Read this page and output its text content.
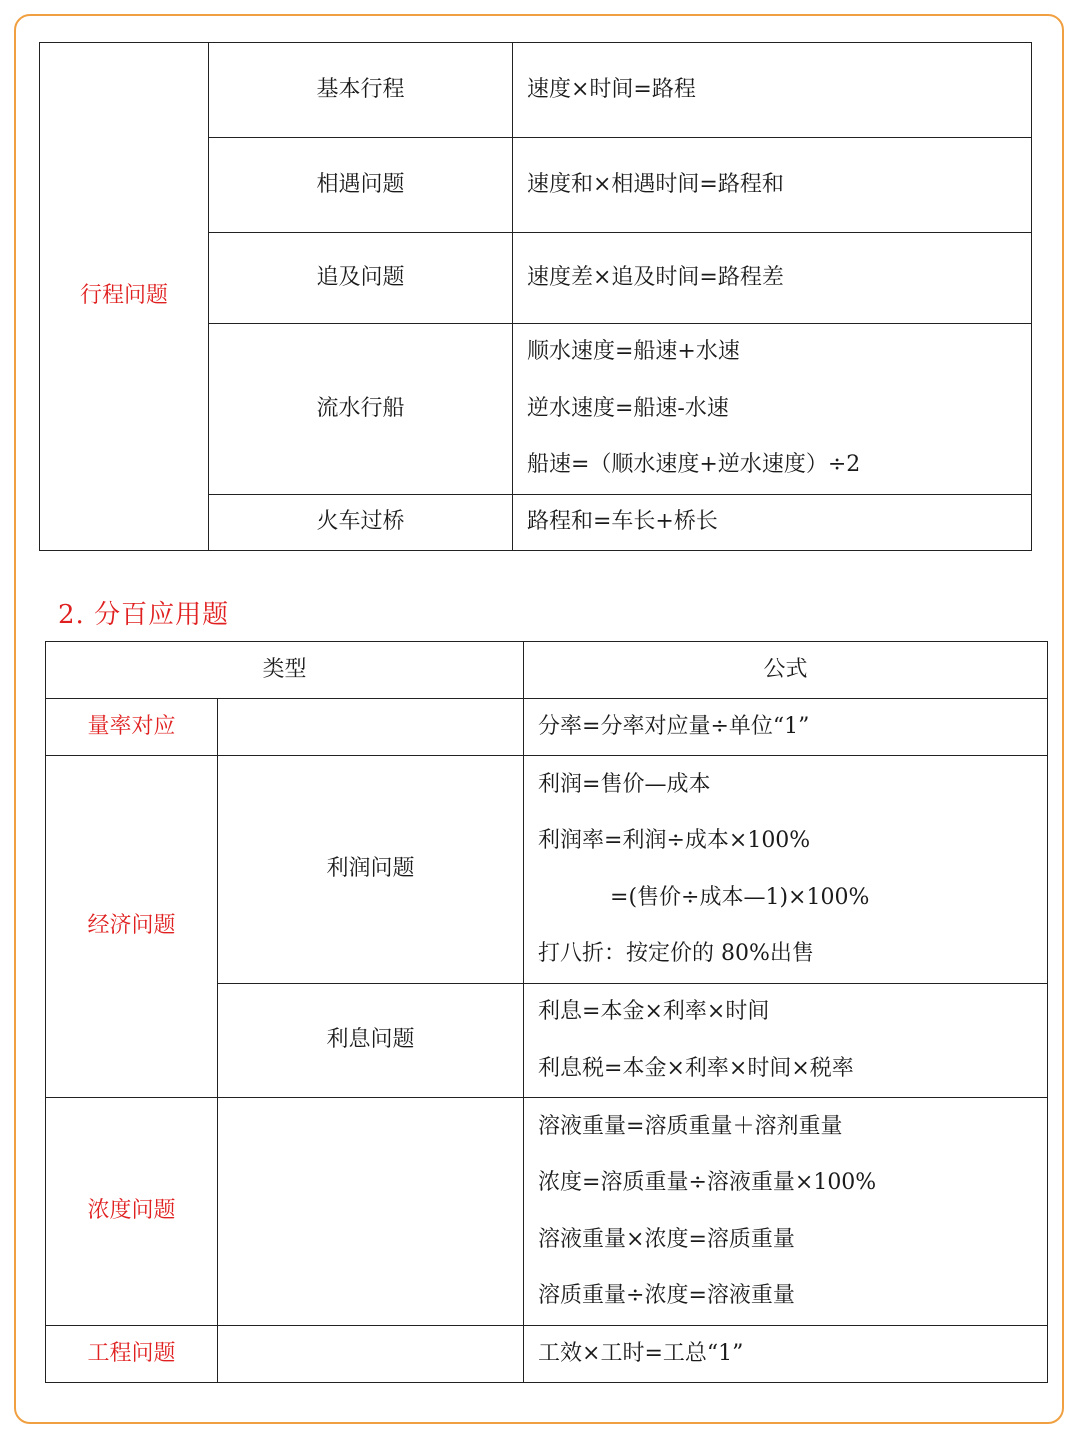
行程问题	基本行程	速度×时间=路程
	相遇问题	速度和×相遇时间=路程和
	追及问题	速度差×追及时间=路程差
	流水行船	顺水速度=船速+水速
逆水速度=船速-水速
船速=（顺水速度+逆水速度）÷2

	火车过桥	路程和=车长+桥长
2. 分百应用题
类型		公式
量率对应		分率=分率对应量÷单位“1”
经济问题	利润问题	利润=售价—成本
利润率=利润÷成本×100%
=(售价÷成本—1)×100%
打八折：按定价的 80%出售

	利息问题	利息=本金×利率×时间
利息税=本金×利率×时间×税率

浓度问题		溶液重量=溶质重量＋溶剂重量
浓度=溶质重量÷溶液重量×100%
溶液重量×浓度=溶质重量
溶质重量÷浓度=溶液重量

工程问题		工效×工时=工总“1”
